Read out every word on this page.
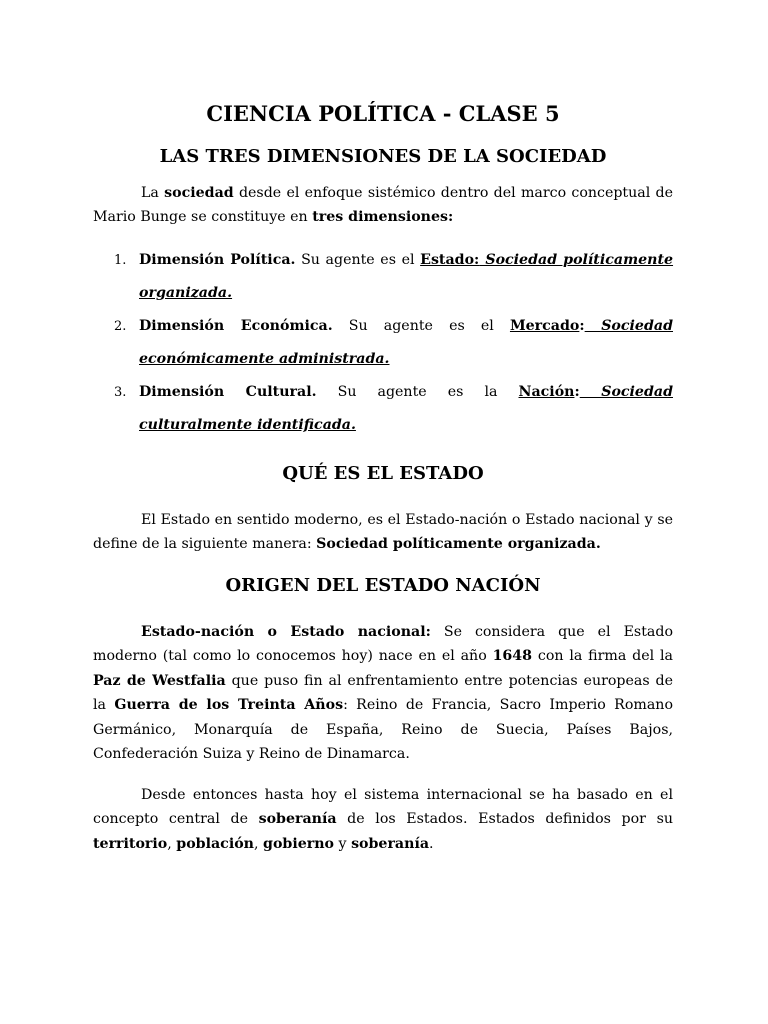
CIENCIA POLÍTICA - CLASE 5
LAS TRES DIMENSIONES DE LA SOCIEDAD

La sociedad desde el enfoque sistémico dentro del marco conceptual de Mario Bunge se constituye en tres dimensiones:

1. Dimensión Política. Su agente es el Estado: Sociedad políticamente organizada.
2. Dimensión Económica. Su agente es el Mercado: Sociedad económicamente administrada.
3. Dimensión Cultural. Su agente es la Nación: Sociedad culturalmente identificada.
QUÉ ES EL ESTADO

El Estado en sentido moderno, es el Estado-nación o Estado nacional y se define de la siguiente manera: Sociedad políticamente organizada.

ORIGEN DEL ESTADO NACIÓN

Estado-nación o Estado nacional: Se considera que el Estado moderno (tal como lo conocemos hoy) nace en el año 1648 con la firma del la Paz de Westfalia que puso fin al enfrentamiento entre potencias europeas de la Guerra de los Treinta Años: Reino de Francia, Sacro Imperio Romano Germánico, Monarquía de España, Reino de Suecia, Países Bajos, Confederación Suiza y Reino de Dinamarca.

Desde entonces hasta hoy el sistema internacional se ha basado en el concepto central de soberanía de los Estados. Estados definidos por su territorio, población, gobierno y soberanía.
